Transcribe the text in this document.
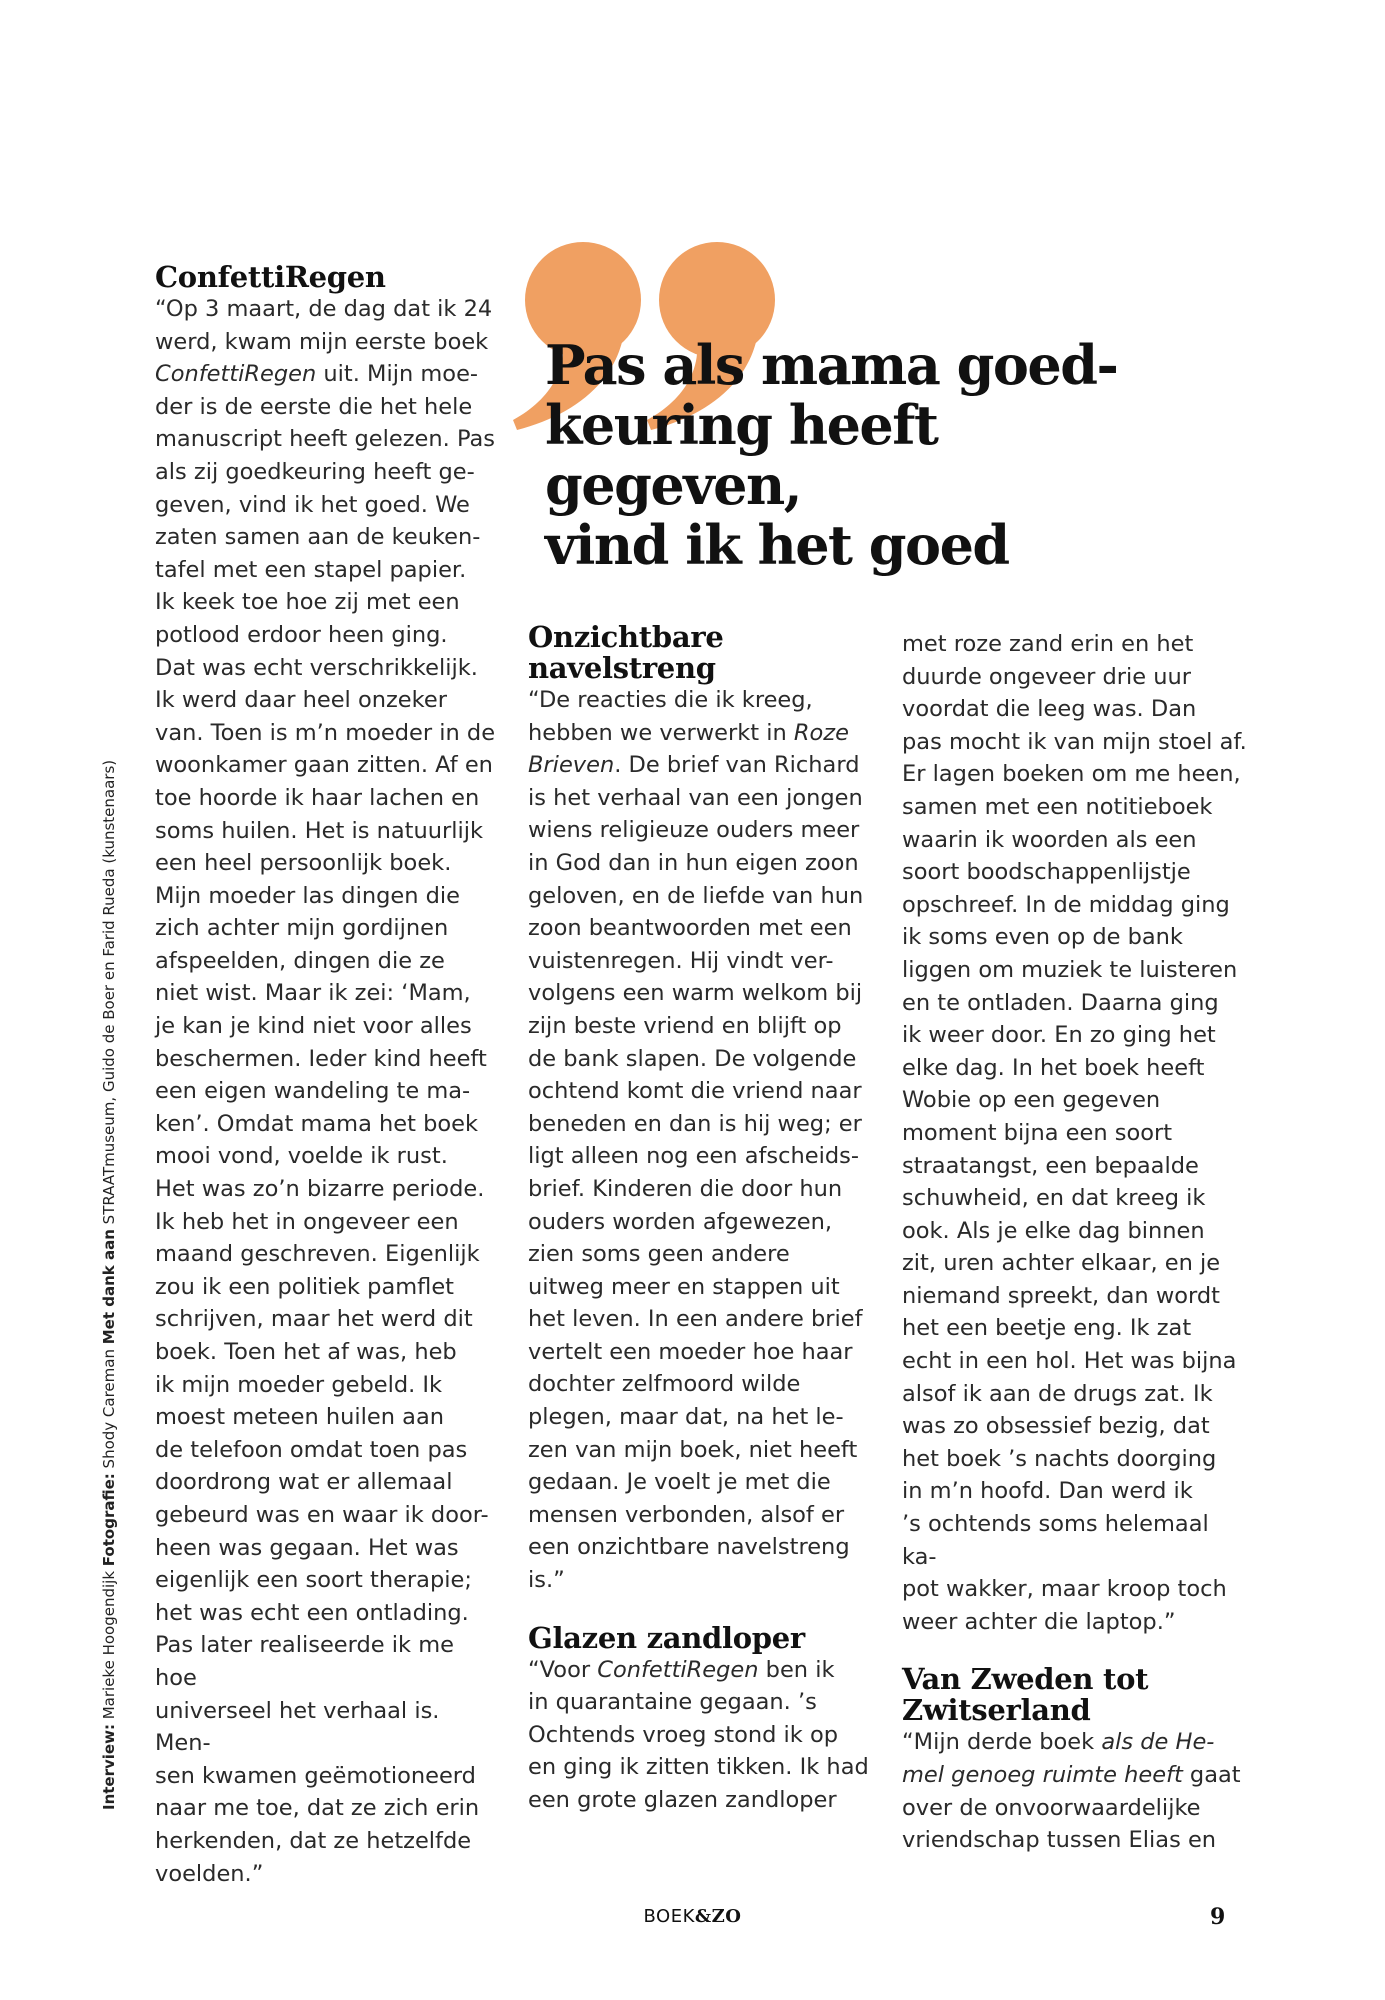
Interview: Marieke Hoogendijk Fotografie: Shody Careman Met dank aan STRAATmuseum, Guido de Boer en Farid Rueda (kunstenaars)
ConfettiRegen

“Op 3 maart, de dag dat ik 24
werd, kwam mijn eerste boek
ConfettiRegen uit. Mijn moe-
der is de eerste die het hele
manuscript heeft gelezen. Pas
als zij goedkeuring heeft ge-
geven, vind ik het goed. We
zaten samen aan de keuken-
tafel met een stapel papier.
Ik keek toe hoe zij met een
potlood erdoor heen ging.
Dat was echt verschrikkelijk.
Ik werd daar heel onzeker
van. Toen is m’n moeder in de
woonkamer gaan zitten. Af en
toe hoorde ik haar lachen en
soms huilen. Het is natuurlijk
een heel persoonlijk boek.
Mijn moeder las dingen die
zich achter mijn gordijnen
afspeelden, dingen die ze
niet wist. Maar ik zei: ‘Mam,
je kan je kind niet voor alles
beschermen. Ieder kind heeft
een eigen wandeling te ma-
ken’. Omdat mama het boek
mooi vond, voelde ik rust.
Het was zo’n bizarre periode.
Ik heb het in ongeveer een
maand geschreven. Eigenlijk
zou ik een politiek pamflet
schrijven, maar het werd dit
boek. Toen het af was, heb
ik mijn moeder gebeld. Ik
moest meteen huilen aan
de telefoon omdat toen pas
doordrong wat er allemaal
gebeurd was en waar ik door-
heen was gegaan. Het was
eigenlijk een soort therapie;
het was echt een ontlading.
Pas later realiseerde ik me hoe
universeel het verhaal is. Men-
sen kwamen geëmotioneerd
naar me toe, dat ze zich erin
herkenden, dat ze hetzelfde
voelden.”

Pas als mama goed-
keuring heeft gegeven,
vind ik het goed

Onzichtbare
navelstreng

“De reacties die ik kreeg,
hebben we verwerkt in Roze
Brieven. De brief van Richard
is het verhaal van een jongen
wiens religieuze ouders meer
in God dan in hun eigen zoon
geloven, en de liefde van hun
zoon beantwoorden met een
vuistenregen. Hij vindt ver-
volgens een warm welkom bij
zijn beste vriend en blijft op
de bank slapen. De volgende
ochtend komt die vriend naar
beneden en dan is hij weg; er
ligt alleen nog een afscheids-
brief. Kinderen die door hun
ouders worden afgewezen,
zien soms geen andere
uitweg meer en stappen uit
het leven. In een andere brief
vertelt een moeder hoe haar
dochter zelfmoord wilde
plegen, maar dat, na het le-
zen van mijn boek, niet heeft
gedaan. Je voelt je met die
mensen verbonden, alsof er
een onzichtbare navelstreng
is.”

Glazen zandloper

“Voor ConfettiRegen ben ik
in quarantaine gegaan. ’s
Ochtends vroeg stond ik op
en ging ik zitten tikken. Ik had
een grote glazen zandloper

met roze zand erin en het
duurde ongeveer drie uur
voordat die leeg was. Dan
pas mocht ik van mijn stoel af.
Er lagen boeken om me heen,
samen met een notitieboek
waarin ik woorden als een
soort boodschappenlijstje
opschreef. In de middag ging
ik soms even op de bank
liggen om muziek te luisteren
en te ontladen. Daarna ging
ik weer door. En zo ging het
elke dag. In het boek heeft
Wobie op een gegeven
moment bijna een soort
straatangst, een bepaalde
schuwheid, en dat kreeg ik
ook. Als je elke dag binnen
zit, uren achter elkaar, en je
niemand spreekt, dan wordt
het een beetje eng. Ik zat
echt in een hol. Het was bijna
alsof ik aan de drugs zat. Ik
was zo obsessief bezig, dat
het boek ’s nachts doorging
in m’n hoofd. Dan werd ik
’s ochtends soms helemaal ka-
pot wakker, maar kroop toch
weer achter die laptop.”

Van Zweden tot
Zwitserland

“Mijn derde boek als de He-
mel genoeg ruimte heeft gaat
over de onvoorwaardelijke
vriendschap tussen Elias en

BOEK&ZO	9
